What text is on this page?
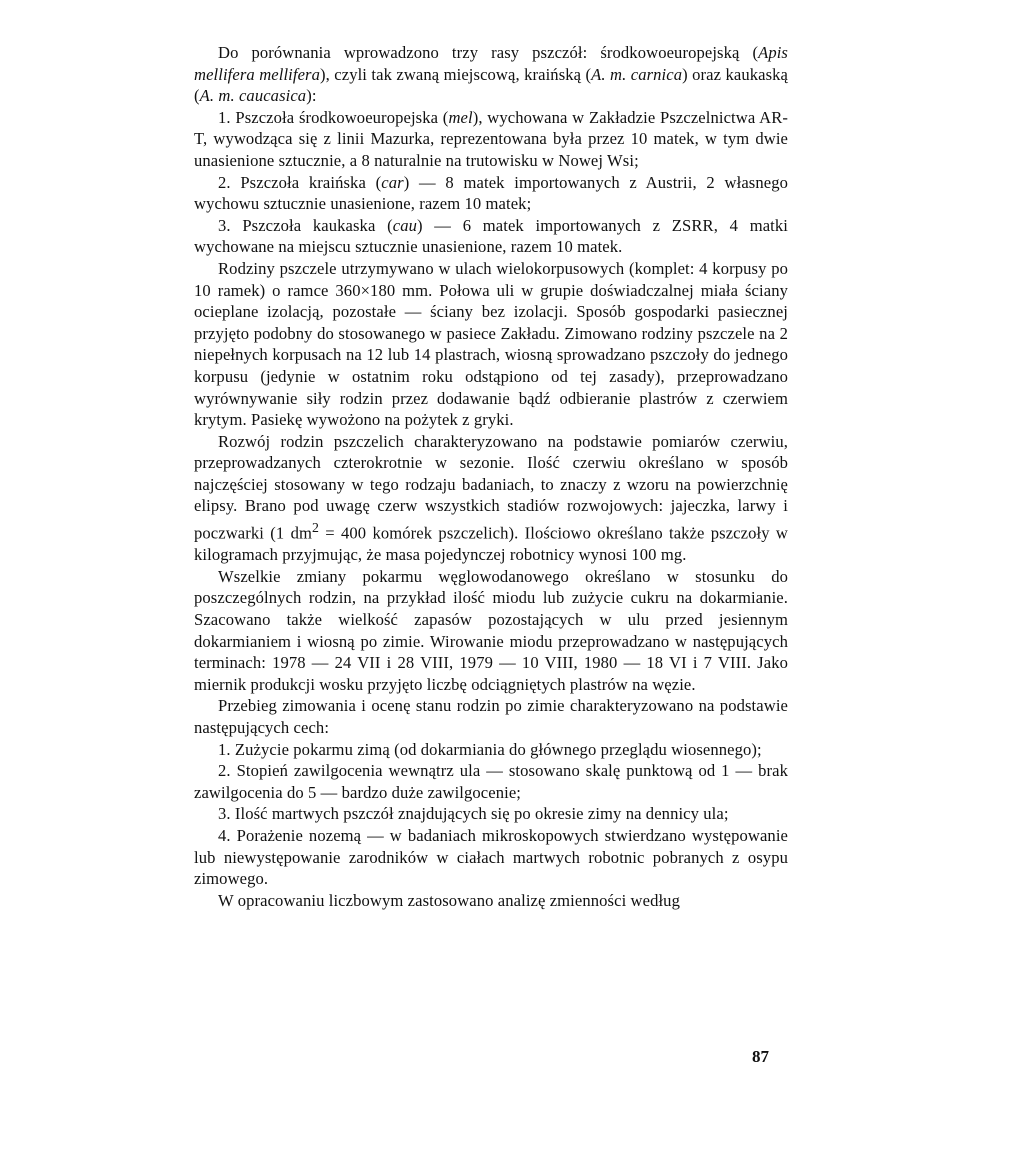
Do porównania wprowadzono trzy rasy pszczół: środkowoeuropejską (Apis mellifera mellifera), czyli tak zwaną miejscową, kraińską (A. m. carnica) oraz kaukaską (A. m. caucasica):

1. Pszczoła środkowoeuropejska (mel), wychowana w Zakładzie Pszczelnictwa AR-T, wywodząca się z linii Mazurka, reprezentowana była przez 10 matek, w tym dwie unasienione sztucznie, a 8 naturalnie na trutowisku w Nowej Wsi;

2. Pszczoła kraińska (car) — 8 matek importowanych z Austrii, 2 własnego wychowu sztucznie unasienione, razem 10 matek;

3. Pszczoła kaukaska (cau) — 6 matek importowanych z ZSRR, 4 matki wychowane na miejscu sztucznie unasienione, razem 10 matek.

Rodziny pszczele utrzymywano w ulach wielokorpusowych (komplet: 4 korpusy po 10 ramek) o ramce 360×180 mm. Połowa uli w grupie doświadczalnej miała ściany ocieplane izolacją, pozostałe — ściany bez izolacji. Sposób gospodarki pasiecznej przyjęto podobny do stosowanego w pasiece Zakładu. Zimowano rodziny pszczele na 2 niepełnych korpusach na 12 lub 14 plastrach, wiosną sprowadzano pszczoły do jednego korpusu (jedynie w ostatnim roku odstąpiono od tej zasady), przeprowadzano wyrównywanie siły rodzin przez dodawanie bądź odbieranie plastrów z czerwiem krytym. Pasiekę wywożono na pożytek z gryki.

Rozwój rodzin pszczelich charakteryzowano na podstawie pomiarów czerwiu, przeprowadzanych czterokrotnie w sezonie. Ilość czerwiu określano w sposób najczęściej stosowany w tego rodzaju badaniach, to znaczy z wzoru na powierzchnię elipsy. Brano pod uwagę czerw wszystkich stadiów rozwojowych: jajeczka, larwy i poczwarki (1 $dm^2 = 400$ komórek pszczelich). Ilościowo określano także pszczoły w kilogramach przyjmując, że masa pojedynczej robotnicy wynosi 100 mg.

Wszelkie zmiany pokarmu węglowodanowego określano w stosunku do poszczególnych rodzin, na przykład ilość miodu lub zużycie cukru na dokarmianie. Szacowano także wielkość zapasów pozostających w ulu przed jesiennym dokarmianiem i wiosną po zimie. Wirowanie miodu przeprowadzano w następujących terminach: 1978 — 24 VII i 28 VIII, 1979 — 10 VIII, 1980 — 18 VI i 7 VIII. Jako miernik produkcji wosku przyjęto liczbę odciągniętych plastrów na węzie.

Przebieg zimowania i ocenę stanu rodzin po zimie charakteryzowano na podstawie następujących cech:

1. Zużycie pokarmu zimą (od dokarmiania do głównego przeglądu wiosennego);

2. Stopień zawilgocenia wewnątrz ula — stosowano skalę punktową od 1 — brak zawilgocenia do 5 — bardzo duże zawilgocenie;

3. Ilość martwych pszczół znajdujących się po okresie zimy na dennicy ula;

4. Porażenie nozemą — w badaniach mikroskopowych stwierdzano występowanie lub niewystępowanie zarodników w ciałach martwych robotnic pobranych z osypu zimowego.

W opracowaniu liczbowym zastosowano analizę zmienności według

87
